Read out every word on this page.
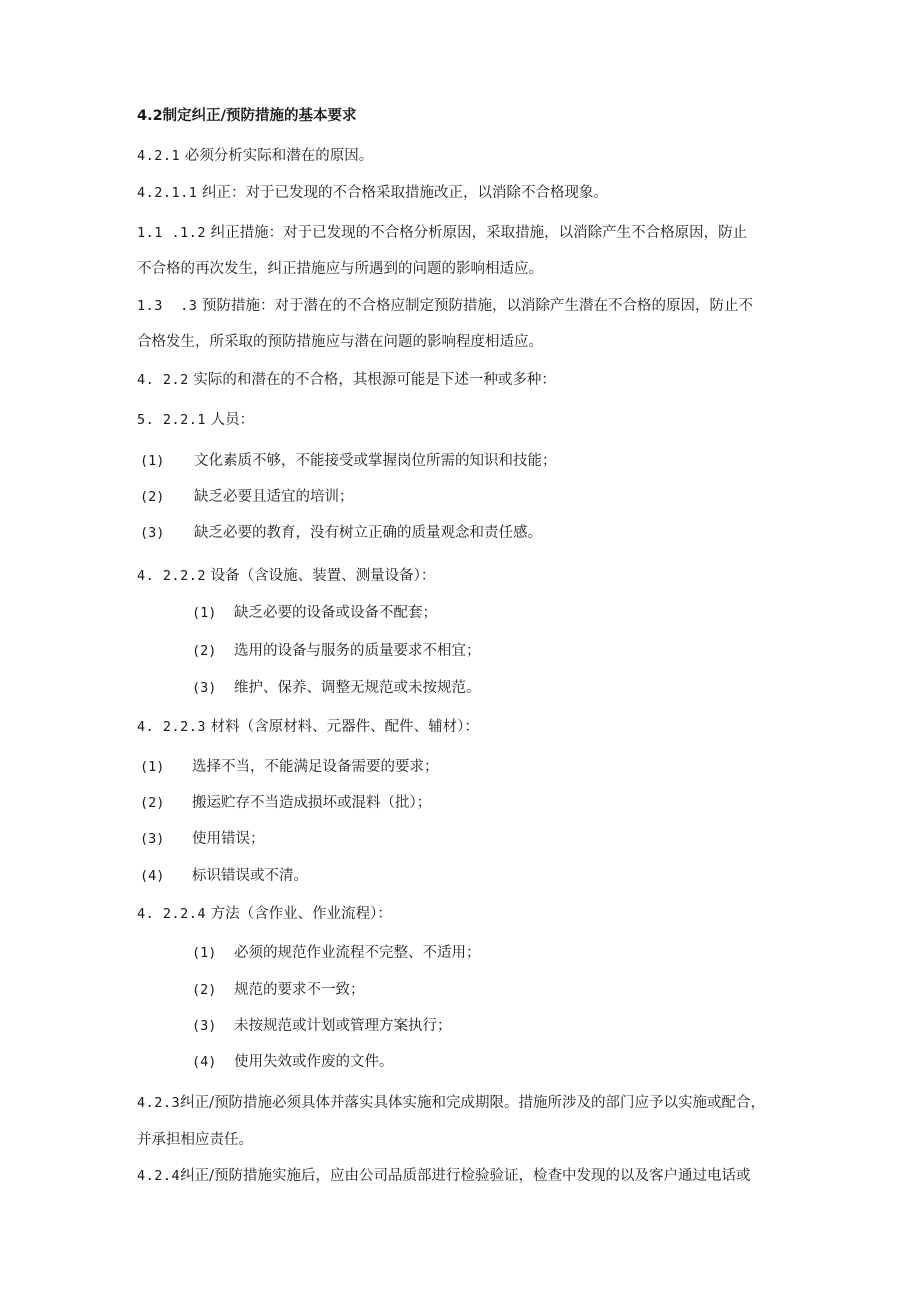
4.2制定纠正/预防措施的基本要求
4.2.1 必须分析实际和潜在的原因。
4.2.1.1 纠正：对于已发现的不合格采取措施改正，以消除不合格现象。
1.1 .1.2 纠正措施：对于已发现的不合格分析原因，采取措施，以消除产生不合格原因，防止
不合格的再次发生，纠正措施应与所遇到的问题的影响相适应。
1.3  .3 预防措施：对于潜在的不合格应制定预防措施，以消除产生潜在不合格的原因，防止不
合格发生，所采取的预防措施应与潜在问题的影响程度相适应。
4. 2.2 实际的和潜在的不合格，其根源可能是下述一种或多种：
5. 2.2.1 人员：
(1) 文化素质不够，不能接受或掌握岗位所需的知识和技能；
(2) 缺乏必要且适宜的培训；
(3) 缺乏必要的教育，没有树立正确的质量观念和责任感。
4. 2.2.2 设备（含设施、装置、测量设备）：
(1) 缺乏必要的设备或设备不配套；
(2) 选用的设备与服务的质量要求不相宜；
(3) 维护、保养、调整无规范或未按规范。
4. 2.2.3 材料（含原材料、元器件、配件、辅材）：
(1) 选择不当，不能满足设备需要的要求；
(2) 搬运贮存不当造成损坏或混料（批）；
(3) 使用错误；
(4) 标识错误或不清。
4. 2.2.4 方法（含作业、作业流程）：
(1) 必须的规范作业流程不完整、不适用；
(2) 规范的要求不一致；
(3) 未按规范或计划或管理方案执行；
(4) 使用失效或作废的文件。
4.2.3纠正/预防措施必须具体并落实具体实施和完成期限。措施所涉及的部门应予以实施或配合，
并承担相应责任。
4.2.4纠正/预防措施实施后，应由公司品质部进行检验验证，检查中发现的以及客户通过电话或
